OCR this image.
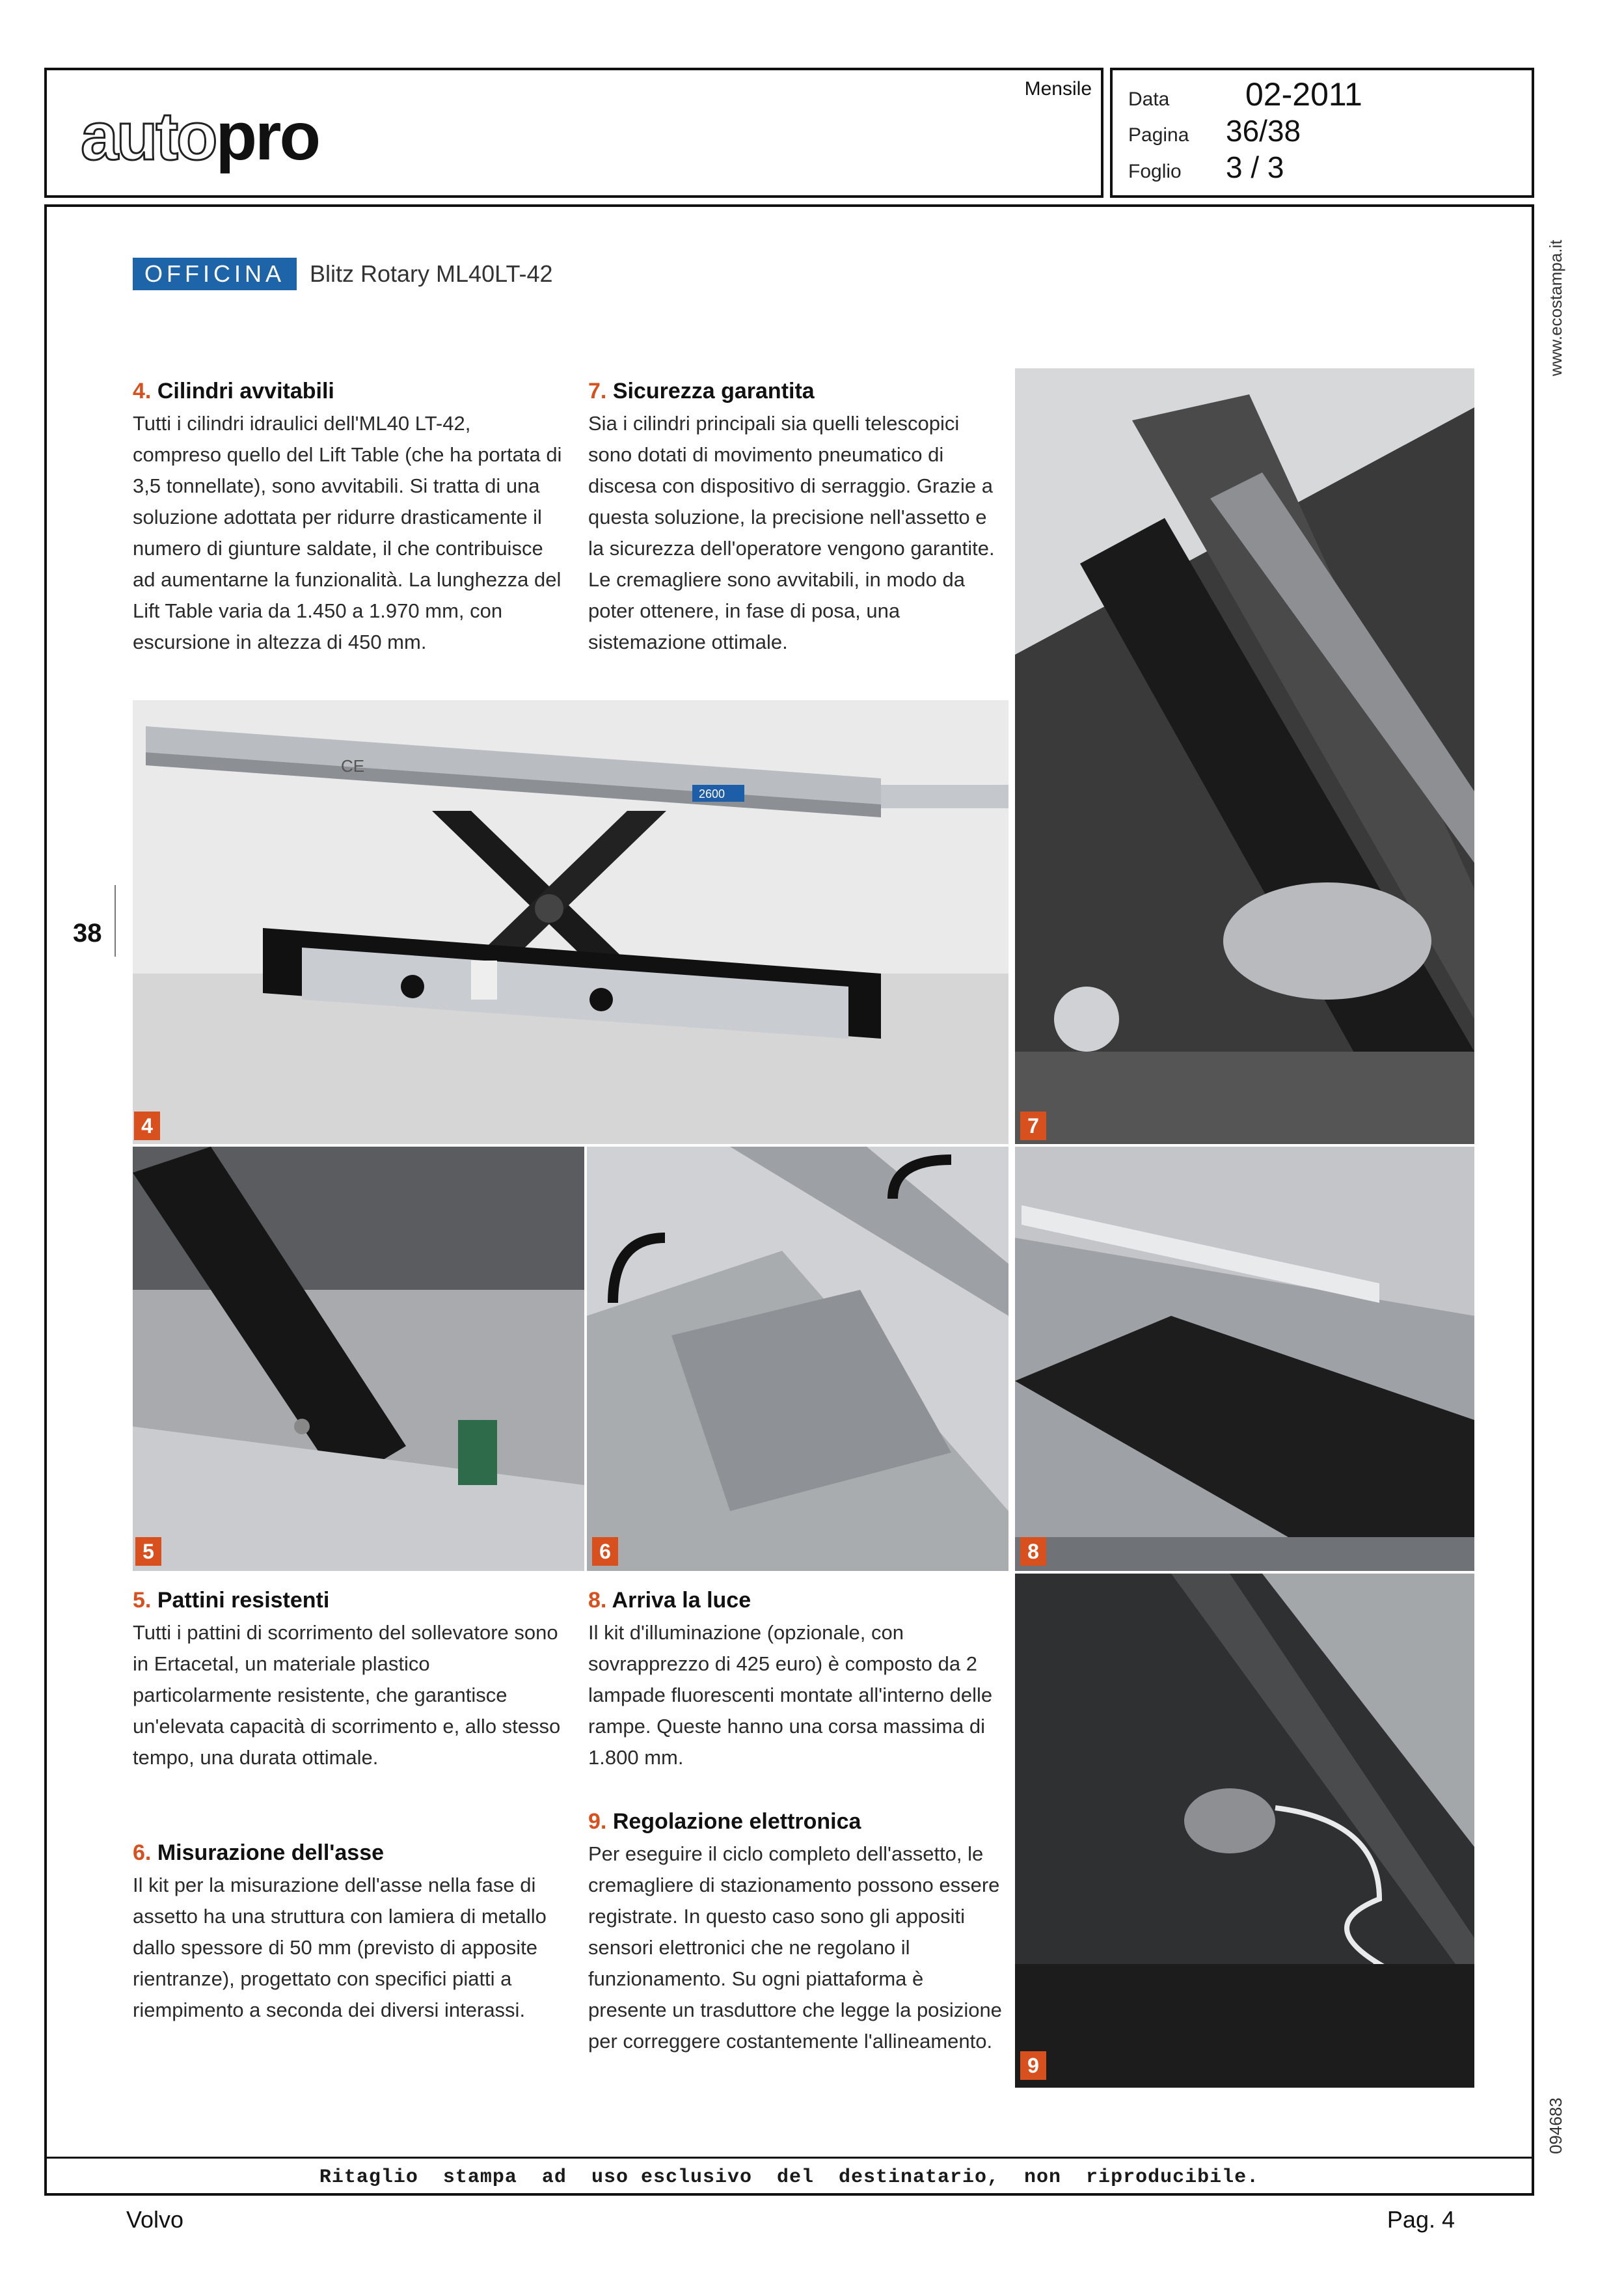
autopro
Mensile Data	02-2011
Pagina	36/38
Foglio	3 / 3
Ritaglio  stampa  ad  uso esclusivo  del  destinatario,  non  riproducibile.
www.ecostampa.it
094683
OFFICINA	Blitz Rotary ML40LT-42
38
4. Cilindri avvitabili

Tutti i cilindri idraulici dell'ML40 LT-42, compreso quello del Lift Table (che ha portata di 3,5 tonnellate), sono avvitabili. Si tratta di una soluzione adottata per ridurre drasticamente il numero di giunture saldate, il che contribuisce ad aumentarne la funzionalità. La lunghezza del Lift Table varia da 1.450 a 1.970 mm, con escursione in altezza di 450 mm.

7. Sicurezza garantita

Sia i cilindri principali sia quelli telescopici sono dotati di movimento pneumatico di discesa con dispositivo di serraggio. Grazie a questa soluzione, la precisione nell'assetto e la sicurezza dell'operatore vengono garantite. Le cremagliere sono avvitabili, in modo da poter ottenere, in fase di posa, una sistemazione ottimale.

5. Pattini resistenti

Tutti i pattini di scorrimento del sollevatore sono in Ertacetal, un materiale plastico particolarmente resistente, che garantisce un'elevata capacità di scorrimento e, allo stesso tempo, una durata ottimale.

6. Misurazione dell'asse

Il kit per la misurazione dell'asse nella fase di assetto ha una struttura con lamiera di metallo dallo spessore di 50 mm (previsto di apposite rientranze), progettato con specifici piatti a riempimento a seconda dei diversi interassi.

8. Arriva la luce

Il kit d'illuminazione (opzionale, con sovrapprezzo di 425 euro) è composto da 2 lampade fluorescenti montate all'interno delle rampe. Queste hanno una corsa massima di 1.800 mm.

9. Regolazione elettronica

Per eseguire il ciclo completo dell'assetto, le cremagliere di stazionamento possono essere registrate. In questo caso sono gli appositi sensori elettronici che ne regolano il funzionamento. Su ogni piattaforma è presente un trasduttore che legge la posizione per correggere costantemente l'allineamento.

2600
CE
4	7
5	6	8
9
Volvo	Pag. 4
